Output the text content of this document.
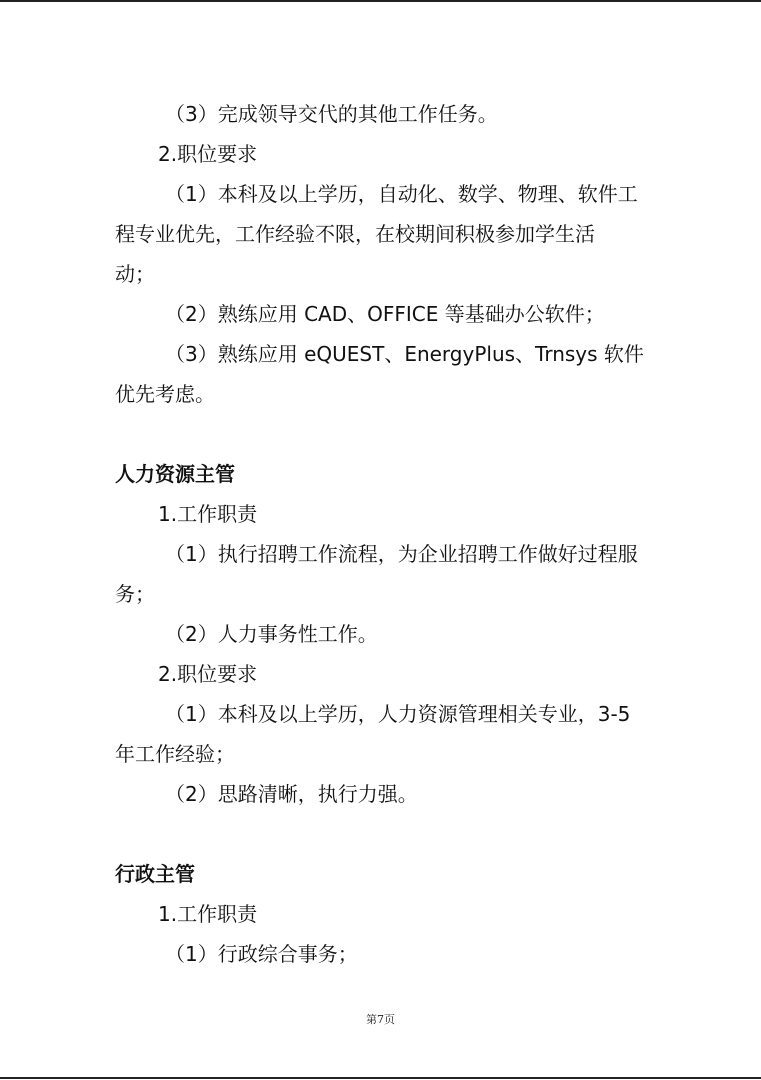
（3）完成领导交代的其他工作任务。
2.职位要求
（1）本科及以上学历，自动化、数学、物理、软件工
程专业优先，工作经验不限，在校期间积极参加学生活
动；
（2）熟练应用 CAD、OFFICE 等基础办公软件；
（3）熟练应用 eQUEST、EnergyPlus、Trnsys 软件
优先考虑。
人力资源主管
1.工作职责
（1）执行招聘工作流程，为企业招聘工作做好过程服
务；
（2）人力事务性工作。
2.职位要求
（1）本科及以上学历，人力资源管理相关专业，3-5
年工作经验；
（2）思路清晰，执行力强。
行政主管
1.工作职责
（1）行政综合事务；
第7页
